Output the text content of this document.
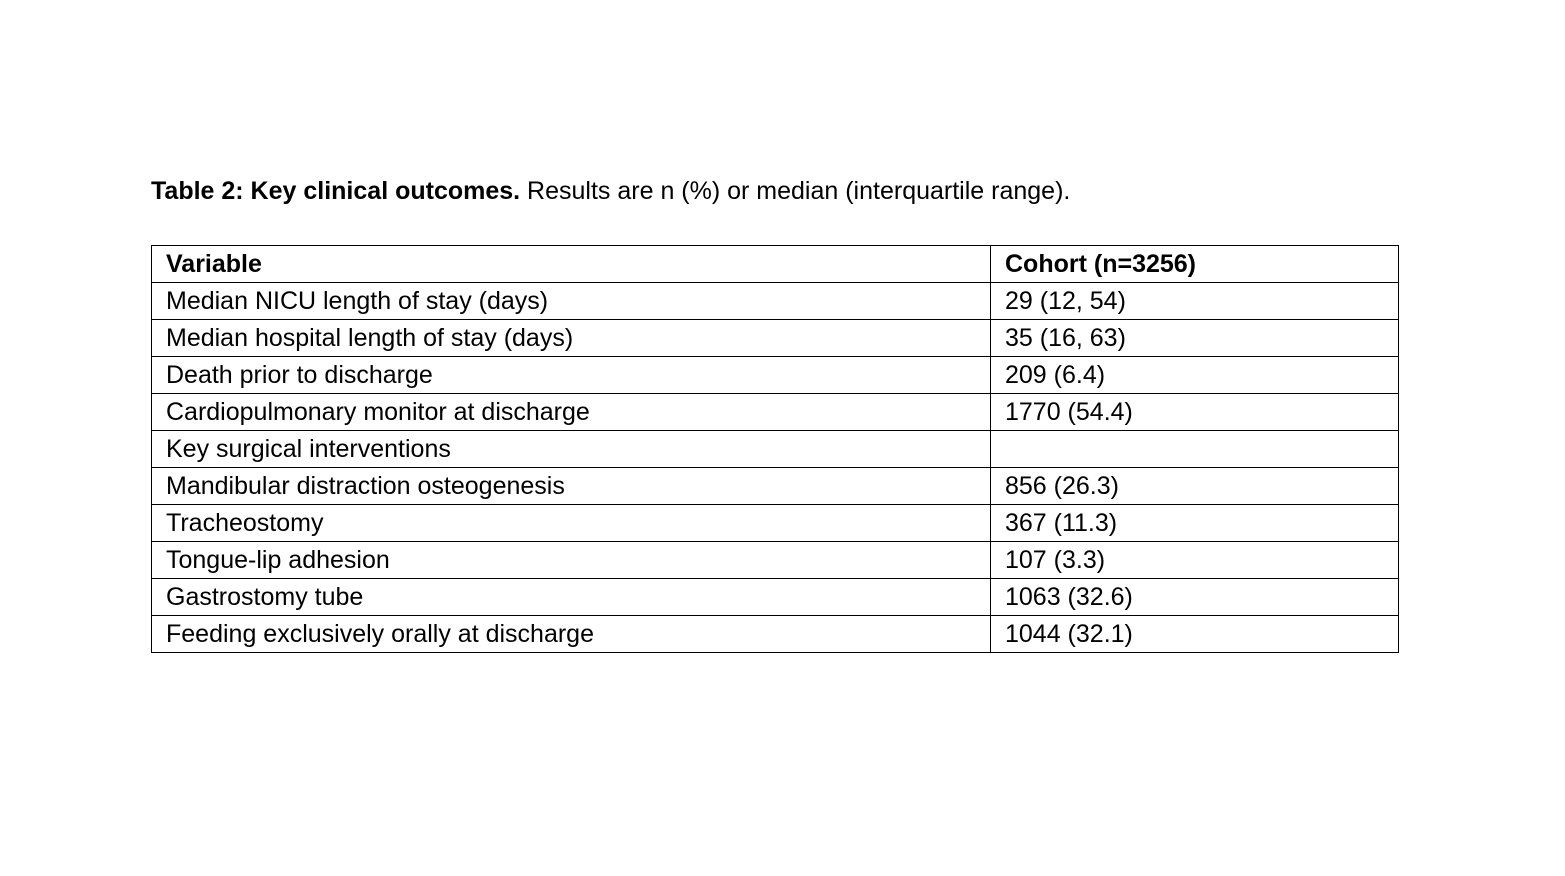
Table 2: Key clinical outcomes. Results are n (%) or median (interquartile range).
Variable	Cohort (n=3256)
Median NICU length of stay (days)	29 (12, 54)
Median hospital length of stay (days)	35 (16, 63)
Death prior to discharge	209 (6.4)
Cardiopulmonary monitor at discharge	1770 (54.4)
Key surgical interventions	
Mandibular distraction osteogenesis	856 (26.3)
Tracheostomy	367 (11.3)
Tongue-lip adhesion	107 (3.3)
Gastrostomy tube	1063 (32.6)
Feeding exclusively orally at discharge	1044 (32.1)
